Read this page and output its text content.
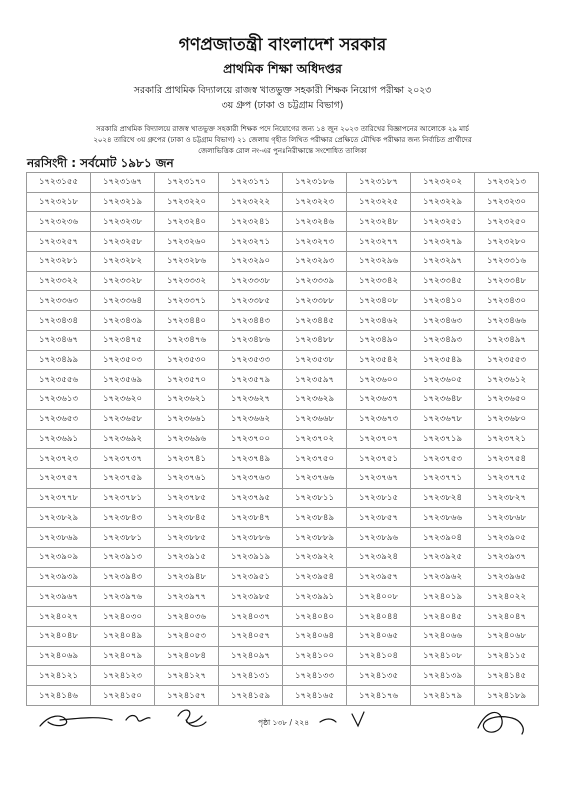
গণপ্রজাতন্ত্রী বাংলাদেশ সরকার
প্রাথমিক শিক্ষা অধিদপ্তর
সরকারি প্রাথমিক বিদ্যালয়ে রাজস্ব খাতভুক্ত সহকারী শিক্ষক নিয়োগ পরীক্ষা ২০২৩
৩য় গ্রুপ (ঢাকা ও চট্টগ্রাম বিভাগ)
সরকারি প্রাথমিক বিদ্যালয়ে রাজস্ব খাতভুক্ত সহকারী শিক্ষক পদে নিয়োগের জন্য ১৪ জুন ২০২৩ তারিখের বিজ্ঞাপনের আলোকে ২৯ মার্চ
২০২৪ তারিখে ৩য় গ্রুপের (ঢাকা ও চট্টগ্রাম বিভাগ) ২১ জেলায় গৃহীত লিখিত পরীক্ষার প্রেক্ষিতে মৌখিক পরীক্ষার জন্য নির্বাচিত প্রার্থীদের
জেলাভিত্তিক রোল নং-এর পুনঃনিরীক্ষান্তে সংশোধিত তালিকা
নরসিংদী : সর্বমোট ১৯৮১ জন
১৭২৩১৫৫	১৭২৩১৬৭	১৭২৩১৭০	১৭২৩১৭১	১৭২৩১৮৬	১৭২৩১৮৭	১৭২৩২০২	১৭২৩২১৩
১৭২৩২১৮	১৭২৩২১৯	১৭২৩২২০	১৭২৩২২২	১৭২৩২২৩	১৭২৩২২৫	১৭২৩২২৯	১৭২৩২৩০
১৭২৩২৩৬	১৭২৩২৩৮	১৭২৩২৪০	১৭২৩২৪১	১৭২৩২৪৬	১৭২৩২৪৮	১৭২৩২৫১	১৭২৩২৫০
১৭২৩২৫৭	১৭২৩২৫৮	১৭২৩২৬০	১৭২৩২৭১	১৭২৩২৭৩	১৭২৩২৭৭	১৭২৩২৭৯	১৭২৩২৮০
১৭২৩২৮১	১৭২৩২৮২	১৭২৩২৮৬	১৭২৩২৯০	১৭২৩২৯৩	১৭২৩২৯৬	১৭২৩২৯৭	১৭২৩৩১৬
১৭২৩৩২২	১৭২৩৩২৮	১৭২৩৩৩২	১৭২৩৩৩৮	১৭২৩৩৩৯	১৭২৩৩৪২	১৭২৩৩৪৫	১৭২৩৩৪৮
১৭২৩৩৬৩	১৭২৩৩৬৪	১৭২৩৩৭১	১৭২৩৩৮৫	১৭২৩৩৮৮	১৭২৩৪০৮	১৭২৩৪১০	১৭২৩৪৩০
১৭২৩৪৩৪	১৭২৩৪৩৯	১৭২৩৪৪০	১৭২৩৪৪৩	১৭২৩৪৪৫	১৭২৩৪৬২	১৭২৩৪৬৩	১৭২৩৪৬৬
১৭২৩৪৬৭	১৭২৩৪৭৫	১৭২৩৪৭৬	১৭২৩৪৮৬	১৭২৩৪৮৮	১৭২৩৪৯০	১৭২৩৪৯৩	১৭২৩৪৯৭
১৭২৩৪৯৯	১৭২৩৫০৩	১৭২৩৫৩০	১৭২৩৫৩৩	১৭২৩৫৩৮	১৭২৩৫৪২	১৭২৩৫৪৯	১৭২৩৫৫৩
১৭২৩৫৫৬	১৭২৩৫৬৯	১৭২৩৫৭০	১৭২৩৫৭৯	১৭২৩৫৯৭	১৭২৩৬০০	১৭২৩৬০৫	১৭২৩৬১২
১৭২৩৬১৩	১৭২৩৬২০	১৭২৩৬২১	১৭২৩৬২৭	১৭২৩৬২৯	১৭২৩৬৩৭	১৭২৩৬৪৮	১৭২৩৬৫০
১৭২৩৬৫৩	১৭২৩৬৫৮	১৭২৩৬৬১	১৭২৩৬৬২	১৭২৩৬৬৮	১৭২৩৬৭৩	১৭২৩৬৭৮	১৭২৩৬৮০
১৭২৩৬৯১	১৭২৩৬৯২	১৭২৩৬৯৬	১৭২৩৭০০	১৭২৩৭০২	১৭২৩৭০৭	১৭২৩৭১৯	১৭২৩৭২১
১৭২৩৭২৩	১৭২৩৭৩৭	১৭২৩৭৪১	১৭২৩৭৪৯	১৭২৩৭৫০	১৭২৩৭৫১	১৭২৩৭৫৩	১৭২৩৭৫৪
১৭২৩৭৫৭	১৭২৩৭৫৯	১৭২৩৭৬১	১৭২৩৭৬৩	১৭২৩৭৬৬	১৭২৩৭৬৭	১৭২৩৭৭১	১৭২৩৭৭৫
১৭২৩৭৭৮	১৭২৩৭৮১	১৭২৩৭৮৫	১৭২৩৭৯৫	১৭২৩৮১১	১৭২৩৮১৫	১৭২৩৮২৪	১৭২৩৮২৭
১৭২৩৮২৯	১৭২৩৮৪৩	১৭২৩৮৪৫	১৭২৩৮৪৭	১৭২৩৮৪৯	১৭২৩৮৫৭	১৭২৩৮৬৬	১৭২৩৮৬৮
১৭২৩৮৬৯	১৭২৩৮৮১	১৭২৩৮৮৫	১৭২৩৮৮৬	১৭২৩৮৮৯	১৭২৩৮৯৬	১৭২৩৯০৪	১৭২৩৯০৫
১৭২৩৯০৯	১৭২৩৯১৩	১৭২৩৯১৫	১৭২৩৯১৯	১৭২৩৯২২	১৭২৩৯২৪	১৭২৩৯২৫	১৭২৩৯৩৭
১৭২৩৯৩৯	১৭২৩৯৪৩	১৭২৩৯৪৮	১৭২৩৯৫১	১৭২৩৯৫৪	১৭২৩৯৫৭	১৭২৩৯৬২	১৭২৩৯৬৫
১৭২৩৯৬৭	১৭২৩৯৭৬	১৭২৩৯৭৭	১৭২৩৯৮৫	১৭২৩৯৯১	১৭২৪০০৮	১৭২৪০১৯	১৭২৪০২২
১৭২৪০২৭	১৭২৪০৩০	১৭২৪০৩৬	১৭২৪০৩৭	১৭২৪০৪০	১৭২৪০৪৪	১৭২৪০৪৫	১৭২৪০৪৭
১৭২৪০৪৮	১৭২৪০৪৯	১৭২৪০৫৩	১৭২৪০৫৭	১৭২৪০৬৪	১৭২৪০৬৫	১৭২৪০৬৬	১৭২৪০৬৮
১৭২৪০৬৯	১৭২৪০৭৯	১৭২৪০৮৪	১৭২৪০৯৭	১৭২৪১০০	১৭২৪১০৪	১৭২৪১০৮	১৭২৪১১৫
১৭২৪১২১	১৭২৪১২৩	১৭২৪১২৭	১৭২৪১৩১	১৭২৪১৩৩	১৭২৪১৩৫	১৭২৪১৩৯	১৭২৪১৪৫
১৭২৪১৪৬	১৭২৪১৫০	১৭২৪১৫৭	১৭২৪১৫৯	১৭২৪১৬৫	১৭২৪১৭৬	১৭২৪১৭৯	১৭২৪১৮৯
পৃষ্ঠা ১৩৮ / ২২৪
